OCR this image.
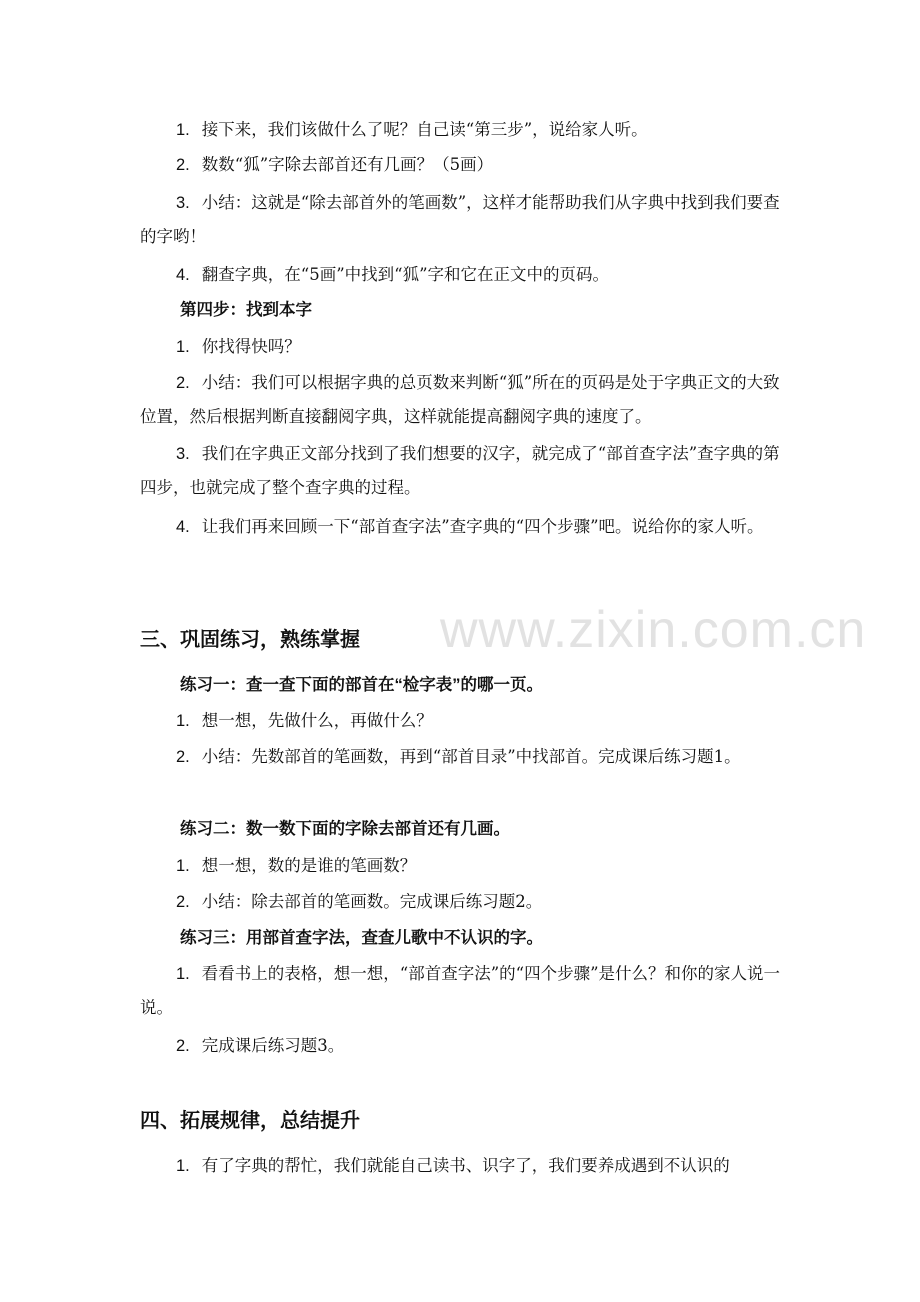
www.zixin.com.cn

1. 接下来，我们该做什么了呢？自己读“第三步”，说给家人听。

2. 数数“狐”字除去部首还有几画？（5画）

3. 小结：这就是“除去部首外的笔画数”，这样才能帮助我们从字典中找到我们要查的字哟！

4. 翻查字典，在“5画”中找到“狐”字和它在正文中的页码。

第四步：找到本字

1. 你找得快吗？

2. 小结：我们可以根据字典的总页数来判断“狐”所在的页码是处于字典正文的大致位置，然后根据判断直接翻阅字典，这样就能提高翻阅字典的速度了。

3. 我们在字典正文部分找到了我们想要的汉字，就完成了“部首查字法”查字典的第四步，也就完成了整个查字典的过程。

4. 让我们再来回顾一下“部首查字法”查字典的“四个步骤”吧。说给你的家人听。

三、巩固练习，熟练掌握

练习一：查一查下面的部首在“检字表”的哪一页。

1. 想一想，先做什么，再做什么？

2. 小结：先数部首的笔画数，再到“部首目录”中找部首。完成课后练习题1。

练习二：数一数下面的字除去部首还有几画。

1. 想一想，数的是谁的笔画数？

2. 小结：除去部首的笔画数。完成课后练习题2。

练习三：用部首查字法，查查儿歌中不认识的字。

1. 看看书上的表格，想一想，“部首查字法”的“四个步骤”是什么？和你的家人说一说。

2. 完成课后练习题3。

四、拓展规律，总结提升

1. 有了字典的帮忙，我们就能自己读书、识字了，我们要养成遇到不认识的
